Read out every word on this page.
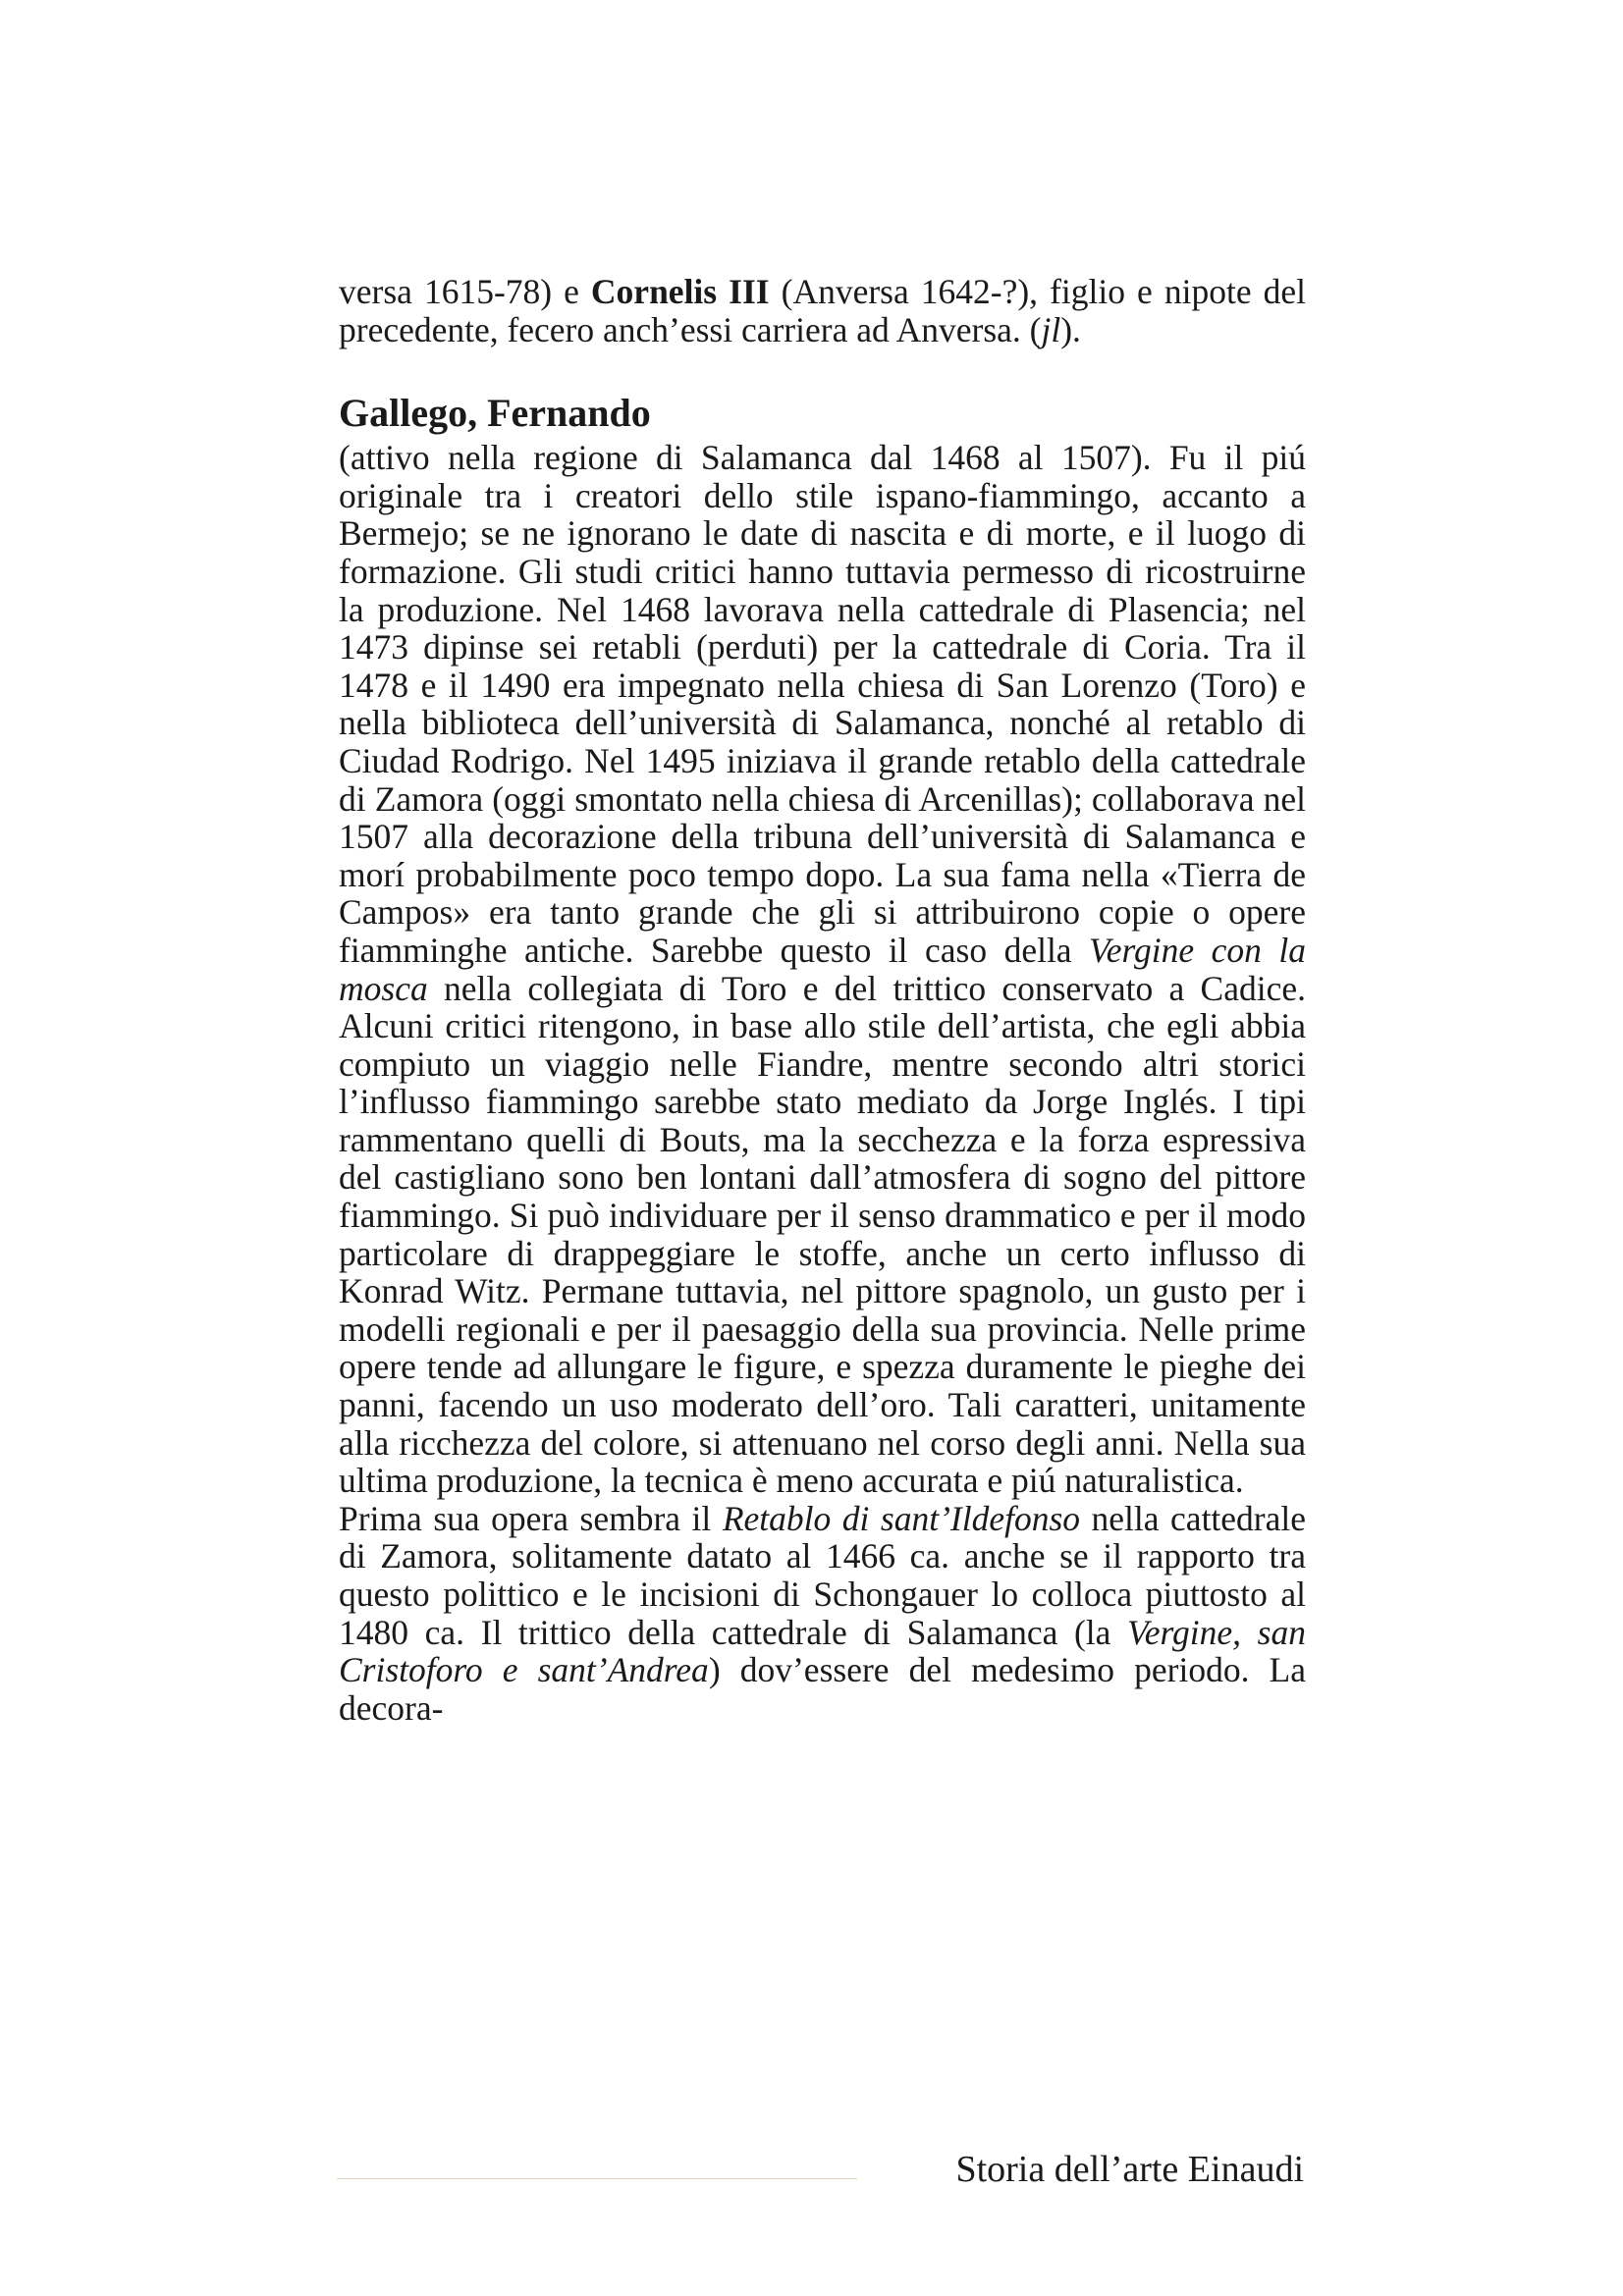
versa 1615-78) e Cornelis III (Anversa 1642-?), figlio e nipote del precedente, fecero anch’essi carriera ad Anversa. (jl).

Gallego, Fernando

(attivo nella regione di Salamanca dal 1468 al 1507). Fu il piú originale tra i creatori dello stile ispano-fiammingo, accanto a Bermejo; se ne ignorano le date di nascita e di morte, e il luogo di formazione. Gli studi critici hanno tuttavia permesso di ricostruirne la produzione. Nel 1468 lavorava nella cattedrale di Plasencia; nel 1473 dipinse sei retabli (perduti) per la cattedrale di Coria. Tra il 1478 e il 1490 era impegnato nella chiesa di San Lorenzo (Toro) e nella biblioteca dell’università di Salamanca, nonché al retablo di Ciudad Rodrigo. Nel 1495 iniziava il grande retablo della cattedrale di Zamora (oggi smontato nella chiesa di Arcenillas); collaborava nel 1507 alla decorazione della tribuna dell’università di Salamanca e morí probabilmente poco tempo dopo. La sua fama nella «Tierra de Campos» era tanto grande che gli si attribuirono copie o opere fiamminghe antiche. Sarebbe questo il caso della Vergine con la mosca nella collegiata di Toro e del trittico conservato a Cadice. Alcuni critici ritengono, in base allo stile dell’artista, che egli abbia compiuto un viaggio nelle Fiandre, mentre secondo altri storici l’influsso fiammingo sarebbe stato mediato da Jorge Inglés. I tipi rammentano quelli di Bouts, ma la secchezza e la forza espressiva del castigliano sono ben lontani dall’atmosfera di sogno del pittore fiammingo. Si può individuare per il senso drammatico e per il modo particolare di drappeggiare le stoffe, anche un certo influsso di Konrad Witz. Permane tuttavia, nel pittore spagnolo, un gusto per i modelli regionali e per il paesaggio della sua provincia. Nelle prime opere tende ad allungare le figure, e spezza duramente le pieghe dei panni, facendo un uso moderato dell’oro. Tali caratteri, unitamente alla ricchezza del colore, si attenuano nel corso degli anni. Nella sua ultima produzione, la tecnica è meno accurata e piú naturalistica.

Prima sua opera sembra il Retablo di sant’Ildefonso nella cattedrale di Zamora, solitamente datato al 1466 ca. anche se il rapporto tra questo polittico e le incisioni di Schongauer lo colloca piuttosto al 1480 ca. Il trittico della cattedrale di Salamanca (la Vergine, san Cristoforo e sant’Andrea) dov’essere del medesimo periodo. La decora-

Storia dell’arte Einaudi
